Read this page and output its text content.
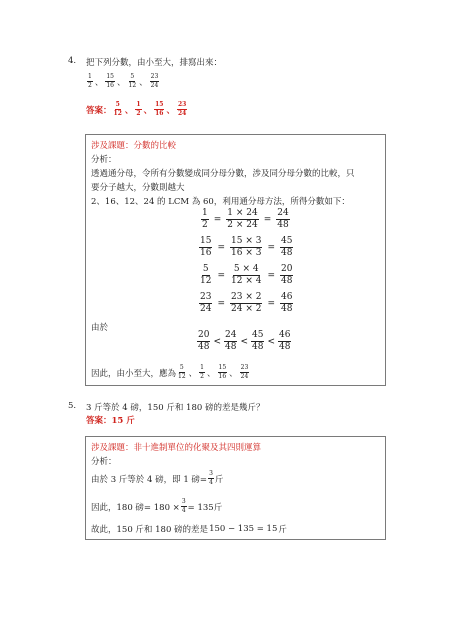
4. 把下列分數，由小至大，排寫出來：
$\frac{1}{2}$ 、 $\frac{15}{16}$ 、 $\frac{5}{12}$ 、 $\frac{23}{24}$
答案： $\frac{5}{12}$ 、 $\frac{1}{2}$ 、 $\frac{15}{16}$ 、 $\frac{23}{24}$
涉及課題：分數的比較
分析：
透過通分母，令所有分數變成同分母分數，涉及同分母分數的比較，只
要分子越大，分數則越大
2、16、12、24 的 LCM 為 60，利用通分母方法，所得分數如下：
$\frac{1}{2} = \frac{1 \times 24}{2 \times 24} = \frac{24}{48}$
$\frac{15}{16} = \frac{15 \times 3}{16 \times 3} = \frac{45}{48}$
$\frac{5}{12} = \frac{5 \times 4}{12 \times 4} = \frac{20}{48}$
$\frac{23}{24} = \frac{23 \times 2}{24 \times 2} = \frac{46}{48}$
由於
$\frac{20}{48} < \frac{24}{48} < \frac{45}{48} < \frac{46}{48}$
因此，由小至大，應為 $\frac{5}{12}$ 、 $\frac{1}{2}$ 、 $\frac{15}{16}$ 、 $\frac{23}{24}$
5. 3 斤等於 4 磅，150 斤和 180 磅的差是幾斤？
答案：15 斤
涉及課題：非十進制單位的化聚及其四則運算
分析：
由於 3 斤等於 4 磅，即 1 磅= $\frac{3}{4}$ 斤
因此，180 磅= $180 \times \frac{3}{4} = 135$斤
故此，150 斤和 180 磅的差是 150 − 135 = 15 斤
